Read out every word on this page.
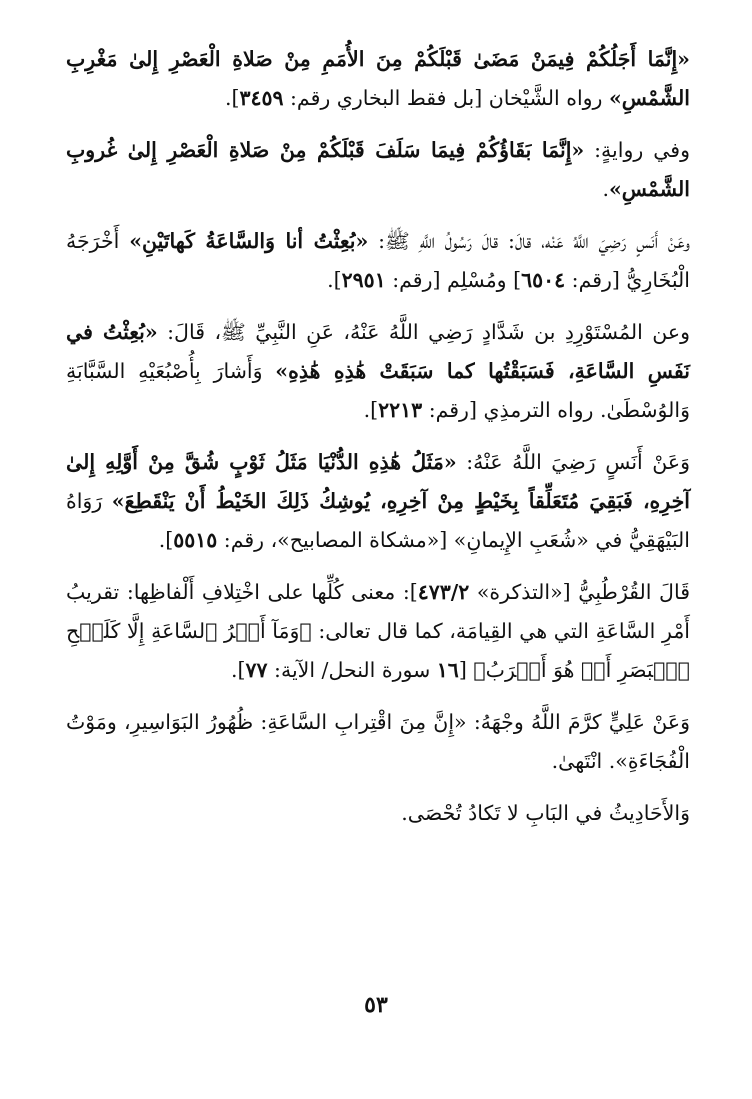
«إِنَّمَا أَجَلُكُمْ فِيمَنْ مَضَىٰ قَبْلَكُمْ مِنَ الأُمَمِ مِنْ صَلاةِ الْعَصْرِ إِلىٰ مَغْرِبِ الشَّمْسِ» رواه الشَّيْخان [بل فقط البخاري رقم: ٣٤٥٩].

وفي روايةٍ: «إِنَّمَا بَقَاؤُكُمْ فِيمَا سَلَفَ قَبْلَكُمْ مِنْ صَلاةِ الْعَصْرِ إِلىٰ غُروبِ الشَّمْسِ».

وعَنْ أَنَسٍ رَضِيَ اللَّهُ عَنْه، قالَ: قالَ رَسُولُ اللَّهِ ﷺ: «بُعِثْتُ أنا وَالسَّاعَةُ كَهاتَيْنِ» أَخْرَجَهُ الْبُخَارِيُّ [رقم: ٦٥٠٤] ومُسْلِم [رقم: ٢٩٥١].

وعن المُسْتَوْرِدِ بن شَدَّادٍ رَضِي اللَّهُ عَنْهُ، عَنِ النَّبِيِّ ﷺ، قَالَ: «بُعِثْتُ في نَفَسِ السَّاعَةِ، فَسَبَقْتُها كما سَبَقَتْ هَٰذِهِ هَٰذِهِ» وَأَشارَ بِأُصْبُعَيْهِ السَّبَّابَةِ وَالوُسْطَىٰ. رواه الترمذِي [رقم: ٢٢١٣].

وَعَنْ أَنَسٍ رَضِيَ اللَّهُ عَنْهُ: «مَثَلُ هَٰذِهِ الدُّنْيَا مَثَلُ ثَوْبٍ شُقَّ مِنْ أَوَّلِهِ إِلىٰ آخِرِهِ، فَبَقِيَ مُتَعَلِّقاً بِخَيْطٍ مِنْ آخِرِهِ، يُوشِكُ ذَلِكَ الخَيْطُ أَنْ يَنْقَطِعَ» رَوَاهُ البَيْهَقِيُّ في «شُعَبِ الإِيمانِ» [«مشكاة المصابيح»، رقم: ٥٥١٥].

قَالَ القُرْطُبِيُّ [«التذكرة» ٤٧٣/٢]: معنى كُلِّها على اخْتِلافِ أَلْفاظِها: تقريبُ أَمْرِ السَّاعَةِ التي هي القِيامَة، كما قال تعالى: ﴿وَمَآ أَمۡرُ ٱلسَّاعَةِ إِلَّا كَلَمۡحِ ٱلۡبَصَرِ أَوۡ هُوَ أَقۡرَبُ﴾ [١٦ سورة النحل/ الآية: ٧٧].

وَعَنْ عَلِيٍّ كرَّمَ اللَّهُ وجْهَهُ: «إِنَّ مِنَ اقْتِرابِ السَّاعَةِ: ظُهُورُ البَوَاسِيرِ، ومَوْتُ الْفُجَاءَةِ». انْتَهىٰ.

وَالأَحَادِيثُ في البَابِ لا تَكادُ تُحْصَى.

٥٣
